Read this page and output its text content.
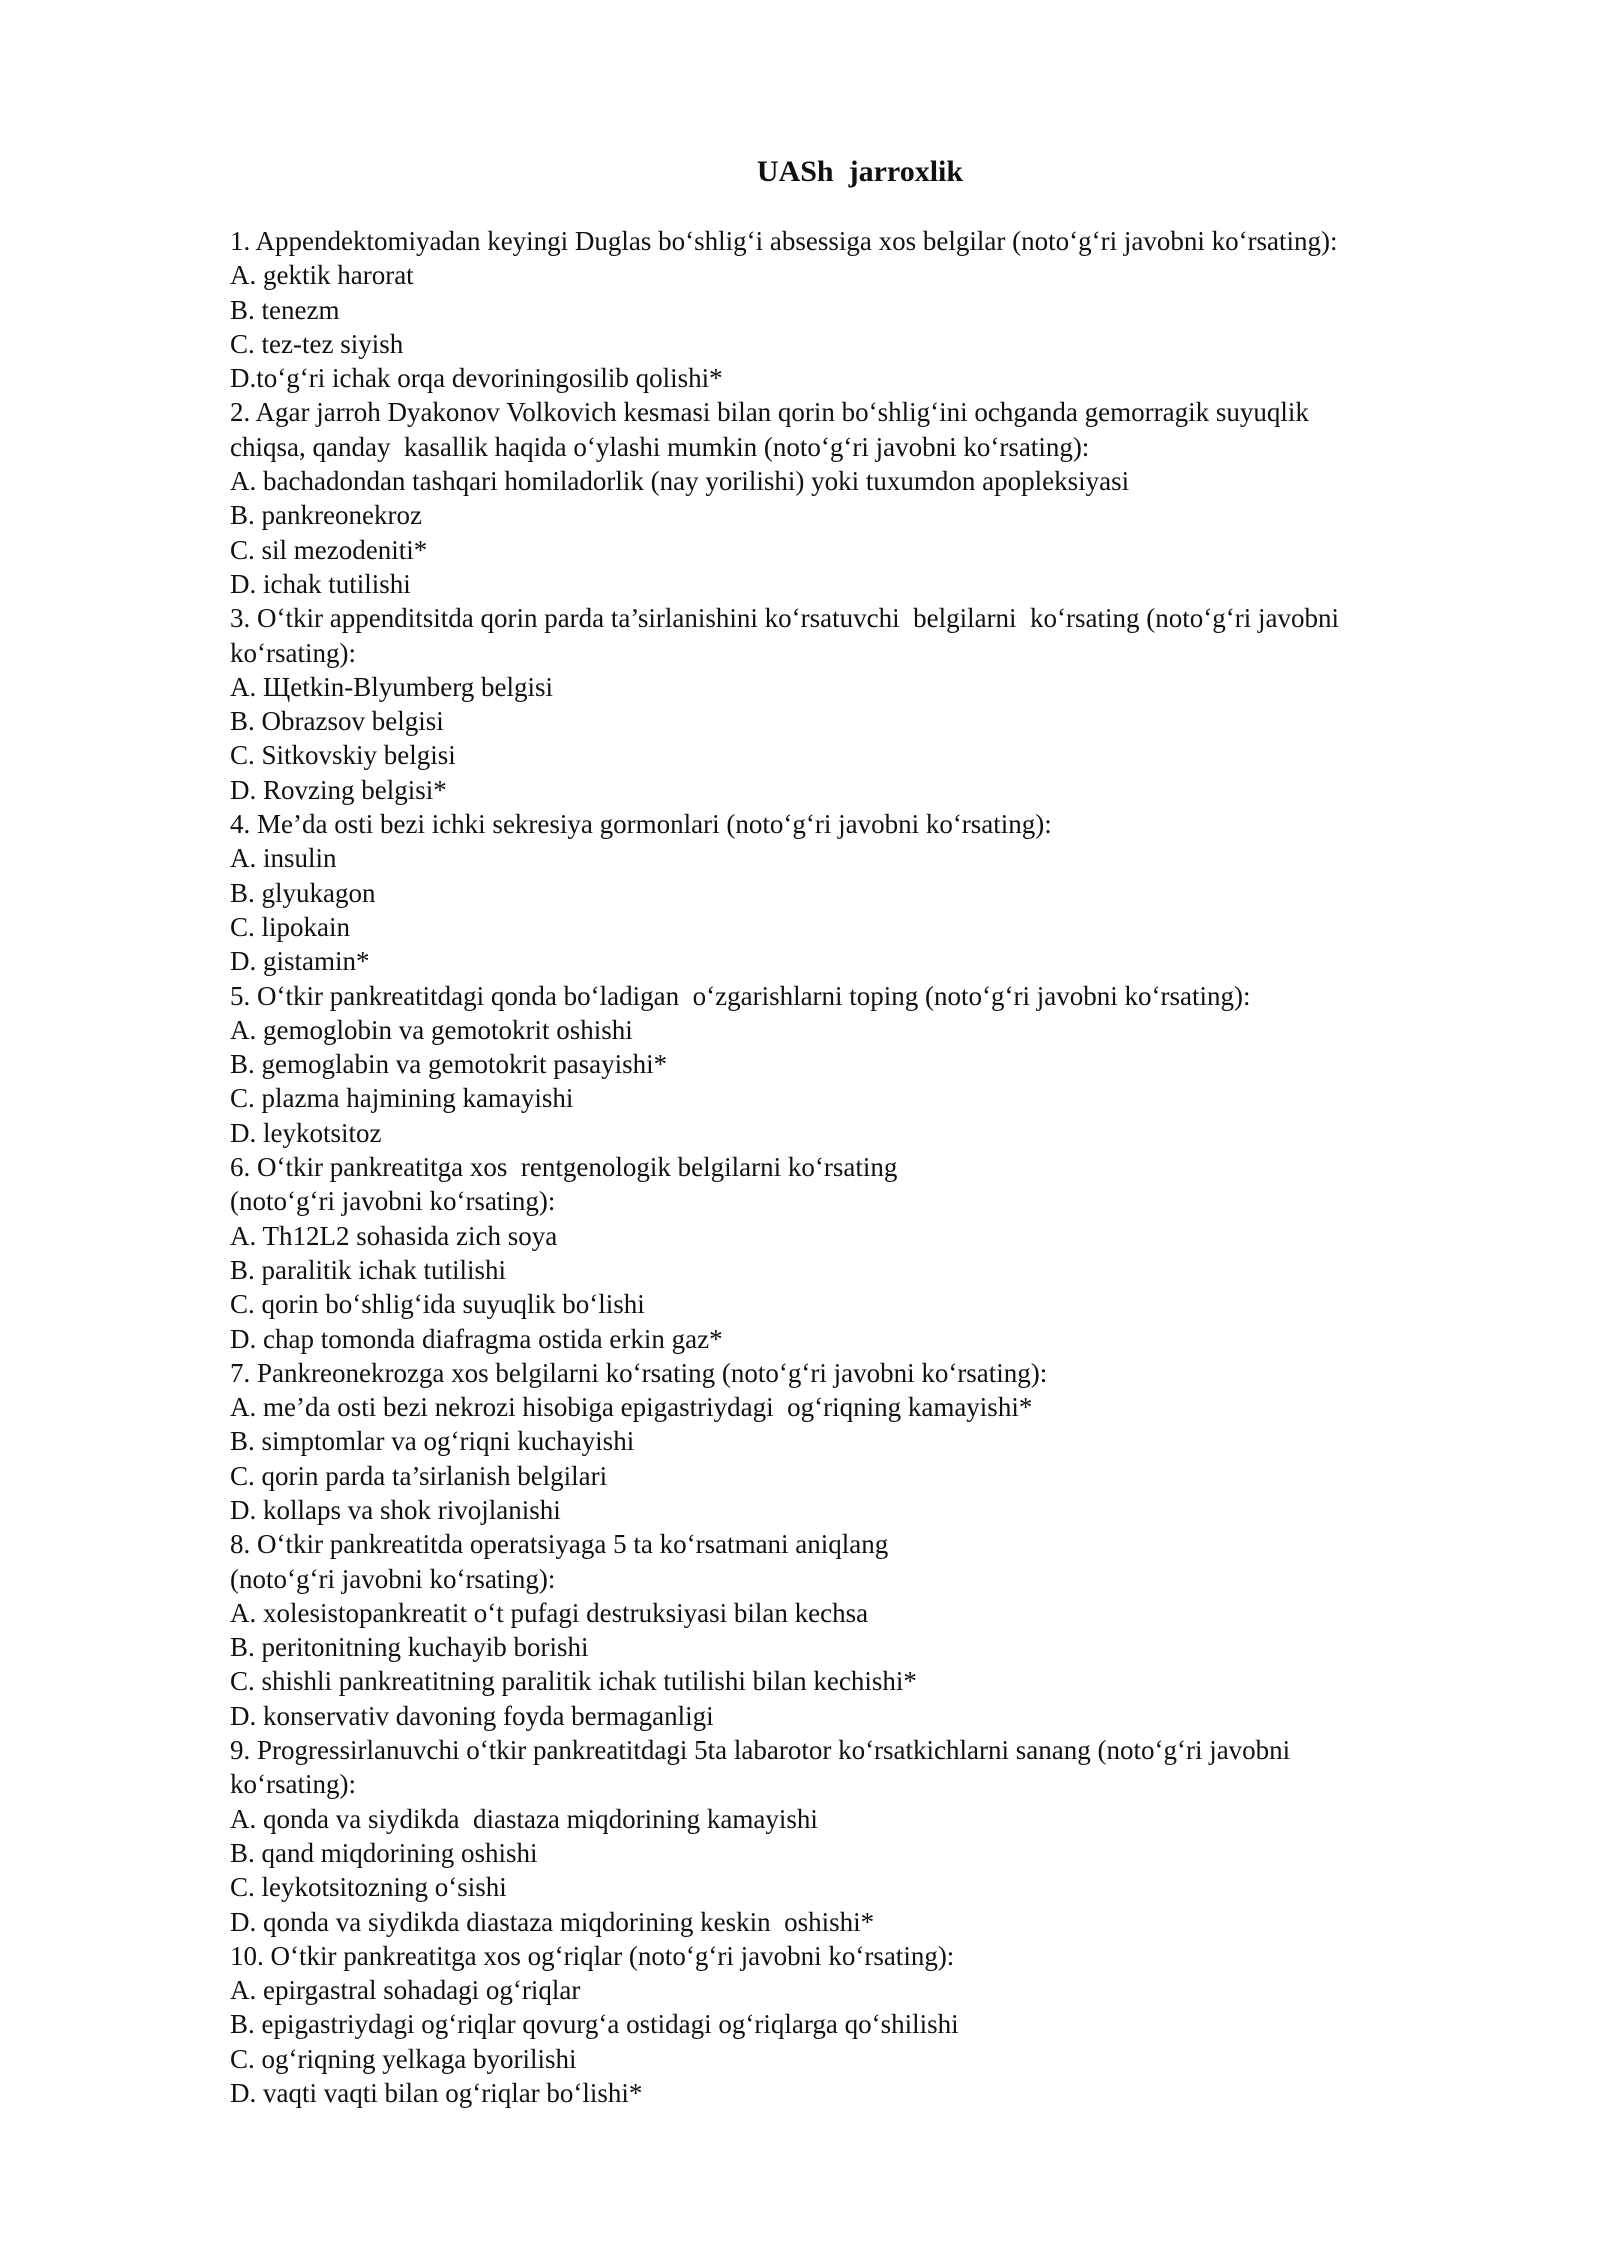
UASh  jarroxlik
1. Appendektomiyadan keyingi Duglas bo‘shlig‘i absessiga xos belgilar (noto‘g‘ri javobni ko‘rsating):
A. gektik harorat
B. tenezm
C. tez-tez siyish
D.to‘g‘ri ichak orqa devoriningosilib qolishi*
2. Agar jarroh Dyakonov Volkovich kesmasi bilan qorin bo‘shlig‘ini ochganda gemorragik suyuqlik
chiqsa, qanday  kasallik haqida o‘ylashi mumkin (noto‘g‘ri javobni ko‘rsating):
A. bachadondan tashqari homiladorlik (nay yorilishi) yoki tuxumdon apopleksiyasi
B. pankreonekroz
C. sil mezodeniti*
D. ichak tutilishi
3. O‘tkir appenditsitda qorin parda ta’sirlanishini ko‘rsatuvchi  belgilarni  ko‘rsating (noto‘g‘ri javobni
ko‘rsating):
A. Щetkin-Blyumberg belgisi
B. Obrazsov belgisi
C. Sitkovskiy belgisi
D. Rovzing belgisi*
4. Me’da osti bezi ichki sekresiya gormonlari (noto‘g‘ri javobni ko‘rsating):
A. insulin
B. glyukagon
C. lipokain
D. gistamin*
5. O‘tkir pankreatitdagi qonda bo‘ladigan  o‘zgarishlarni toping (noto‘g‘ri javobni ko‘rsating):
A. gemoglobin va gemotokrit oshishi
B. gemoglabin va gemotokrit pasayishi*
C. plazma hajmining kamayishi
D. leykotsitoz
6. O‘tkir pankreatitga xos  rentgenologik belgilarni ko‘rsating
(noto‘g‘ri javobni ko‘rsating):
A. Th12L2 sohasida zich soya
B. paralitik ichak tutilishi
C. qorin bo‘shlig‘ida suyuqlik bo‘lishi
D. chap tomonda diafragma ostida erkin gaz*
7. Pankreonekrozga xos belgilarni ko‘rsating (noto‘g‘ri javobni ko‘rsating):
A. me’da osti bezi nekrozi hisobiga epigastriydagi  og‘riqning kamayishi*
B. simptomlar va og‘riqni kuchayishi
C. qorin parda ta’sirlanish belgilari
D. kollaps va shok rivojlanishi
8. O‘tkir pankreatitda operatsiyaga 5 ta ko‘rsatmani aniqlang
(noto‘g‘ri javobni ko‘rsating):
A. xolesistopankreatit o‘t pufagi destruksiyasi bilan kechsa
B. peritonitning kuchayib borishi
C. shishli pankreatitning paralitik ichak tutilishi bilan kechishi*
D. konservativ davoning foyda bermaganligi
9. Progressirlanuvchi o‘tkir pankreatitdagi 5ta labarotor ko‘rsatkichlarni sanang (noto‘g‘ri javobni
ko‘rsating):
A. qonda va siydikda  diastaza miqdorining kamayishi
B. qand miqdorining oshishi
C. leykotsitozning o‘sishi
D. qonda va siydikda diastaza miqdorining keskin  oshishi*
10. O‘tkir pankreatitga xos og‘riqlar (noto‘g‘ri javobni ko‘rsating):
A. epirgastral sohadagi og‘riqlar
B. epigastriydagi og‘riqlar qovurg‘a ostidagi og‘riqlarga qo‘shilishi
C. og‘riqning yelkaga byorilishi
D. vaqti vaqti bilan og‘riqlar bo‘lishi*
